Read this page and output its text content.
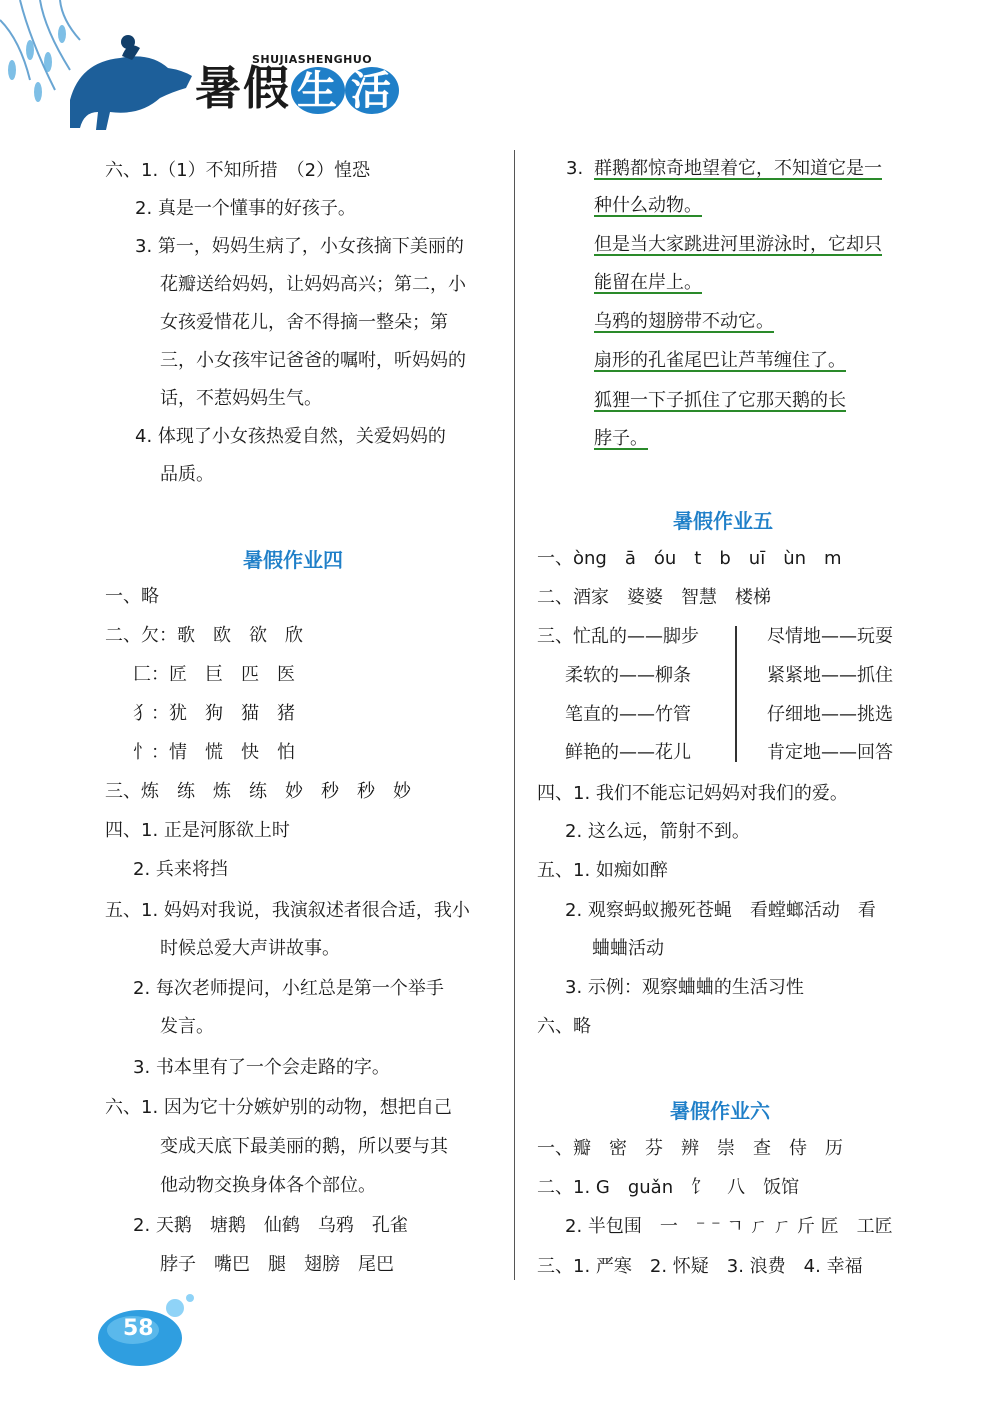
暑假 生 活
SHUJIASHENGHUO
六、1.（1）不知所措　（2）惶恐
2. 真是一个懂事的好孩子。
3. 第一，妈妈生病了，小女孩摘下美丽的
花瓣送给妈妈，让妈妈高兴；第二，小
女孩爱惜花儿，舍不得摘一整朵；第
三，小女孩牢记爸爸的嘱咐，听妈妈的
话，不惹妈妈生气。
4. 体现了小女孩热爱自然，关爱妈妈的
品质。
暑假作业四
一、略
二、欠：歌　欧　欲　欣
匚：匠　巨　匹　医
犭：犹　狗　猫　猪
忄：情　慌　快　怕
三、炼　练　炼　练　妙　秒　秒　妙
四、1. 正是河豚欲上时
2. 兵来将挡
五、1. 妈妈对我说，我演叙述者很合适，我小
时候总爱大声讲故事。
2. 每次老师提问，小红总是第一个举手
发言。
3. 书本里有了一个会走路的字。
六、1. 因为它十分嫉妒别的动物，想把自己
变成天底下最美丽的鹅，所以要与其
他动物交换身体各个部位。
2. 天鹅　塘鹅　仙鹤　乌鸦　孔雀
脖子　嘴巴　腿　翅膀　尾巴
58
3. 群鹅都惊奇地望着它，不知道它是一
种什么动物。
但是当大家跳进河里游泳时，它却只
能留在岸上。
乌鸦的翅膀带不动它。
扇形的孔雀尾巴让芦苇缠住了。
狐狸一下子抓住了它那天鹅的长
脖子。
暑假作业五
一、òng　ā　óu　t　b　uī　ùn　m
二、酒家　婆婆　智慧　楼梯
三、忙乱的——脚步
柔软的——柳条
笔直的——竹管
鲜艳的——花儿
尽情地——玩耍
紧紧地——抓住
仔细地——挑选
肯定地——回答
四、1. 我们不能忘记妈妈对我们的爱。
2. 这么远，箭射不到。
五、1. 如痴如醉
2. 观察蚂蚁搬死苍蝇　看螳螂活动　看
蛐蛐活动
3. 示例：观察蛐蛐的生活习性
六、略
暑假作业六
一、瓣　密　芬　辨　崇　查　侍　历
二、1. G　guǎn　饣　八　饭馆
2. 半包围　一　⁻ ⁻ ㄱ ㄏ ㄏ 斤 匠　工匠
三、1. 严寒　2. 怀疑　3. 浪费　4. 幸福
